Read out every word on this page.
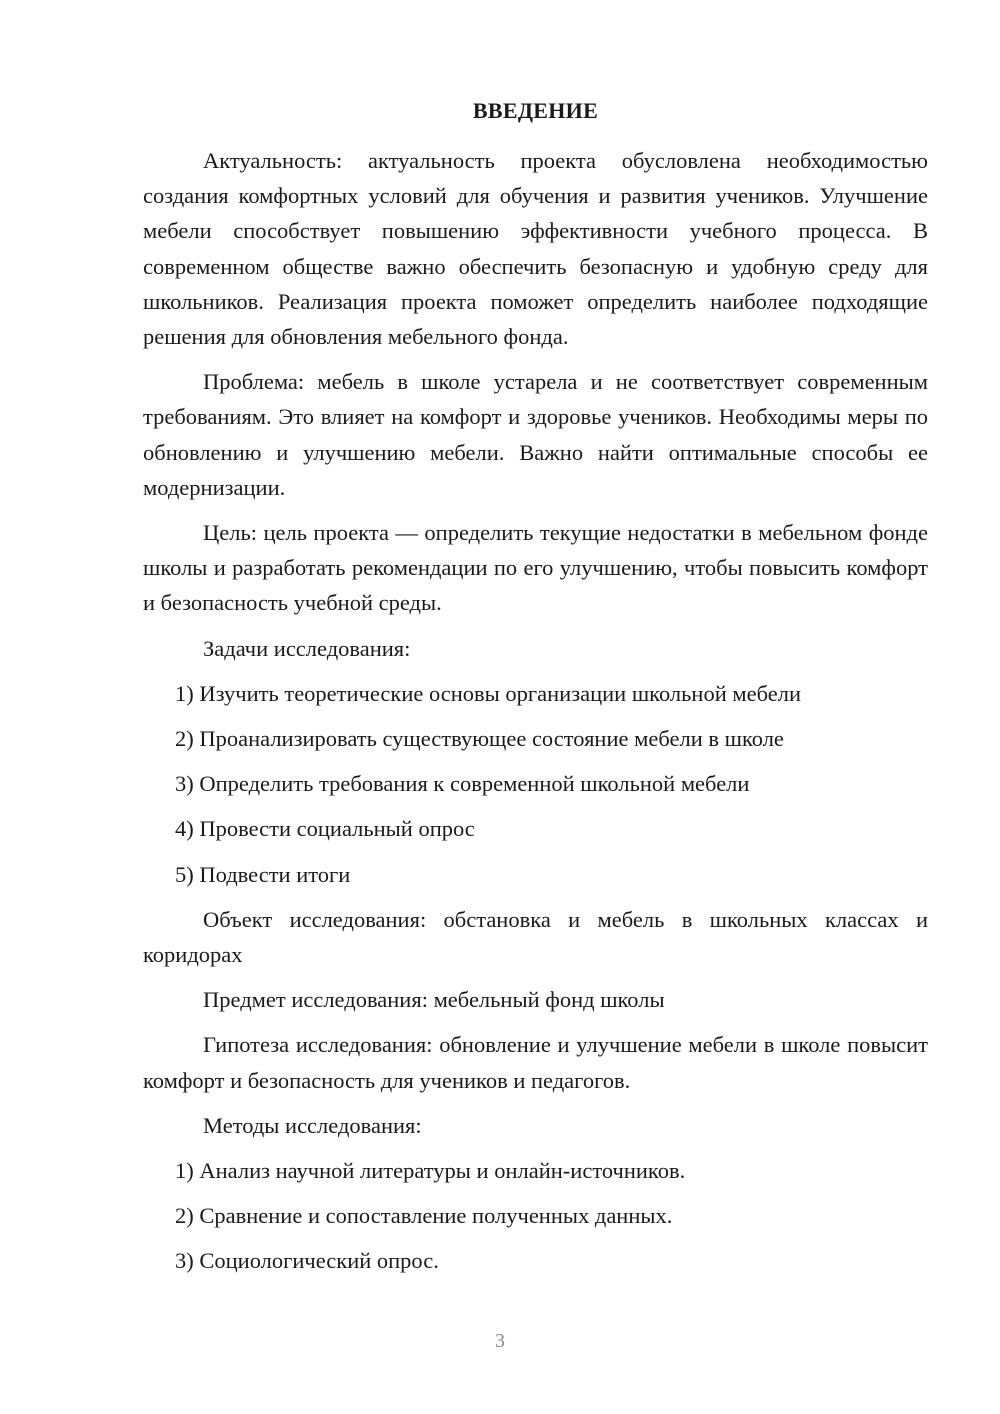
ВВЕДЕНИЕ

Актуальность: актуальность проекта обусловлена необходимостью создания комфортных условий для обучения и развития учеников. Улучшение мебели способствует повышению эффективности учебного процесса. В современном обществе важно обеспечить безопасную и удобную среду для школьников. Реализация проекта поможет определить наиболее подходящие решения для обновления мебельного фонда.

Проблема: мебель в школе устарела и не соответствует современным требованиям. Это влияет на комфорт и здоровье учеников. Необходимы меры по обновлению и улучшению мебели. Важно найти оптимальные способы ее модернизации.

Цель: цель проекта — определить текущие недостатки в мебельном фонде школы и разработать рекомендации по его улучшению, чтобы повысить комфорт и безопасность учебной среды.

Задачи исследования:

1) Изучить теоретические основы организации школьной мебели
2) Проанализировать существующее состояние мебели в школе
3) Определить требования к современной школьной мебели
4) Провести социальный опрос
5) Подвести итоги

Объект исследования: обстановка и мебель в школьных классах и коридорах

Предмет исследования: мебельный фонд школы

Гипотеза исследования: обновление и улучшение мебели в школе повысит комфорт и безопасность для учеников и педагогов.

Методы исследования:

1) Анализ научной литературы и онлайн-источников.
2) Сравнение и сопоставление полученных данных.
3) Социологический опрос.
3
